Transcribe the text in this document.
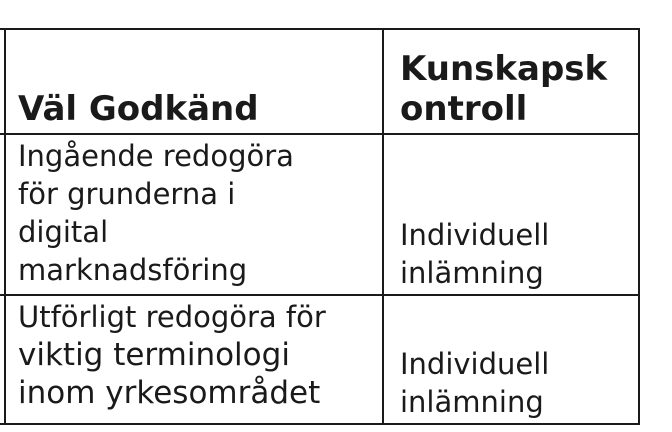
Väl Godkänd
Kunskapsk
ontroll
Ingående redogöra
för grunderna i
digital
marknadsföring
Individuell
inlämning
Utförligt redogöra för
viktig terminologi
inom yrkesområdet
Individuell
inlämning
